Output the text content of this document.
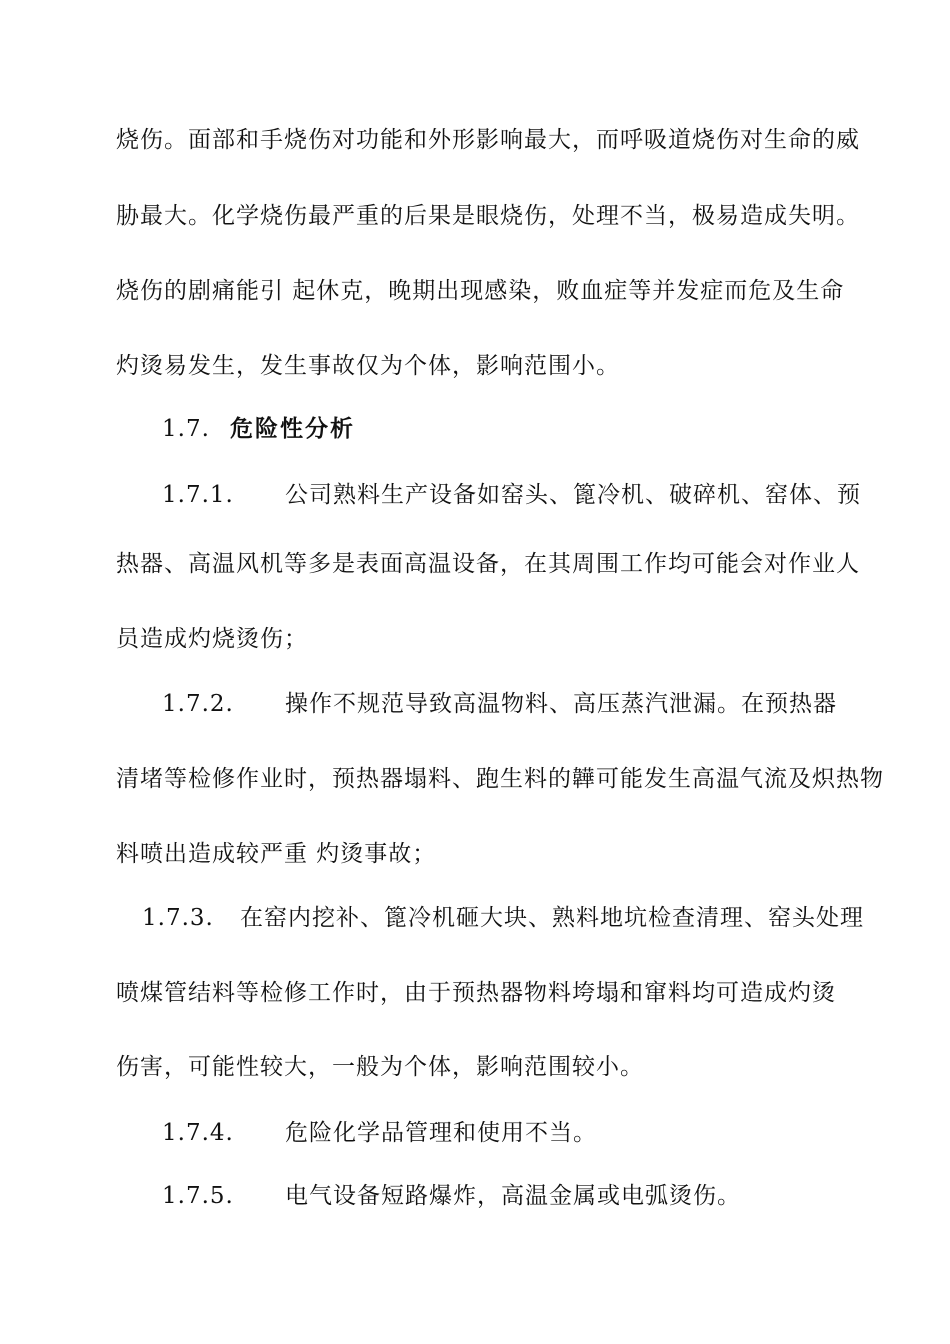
烧伤。面部和手烧伤对功能和外形影响最大，而呼吸道烧伤对生命的威
胁最大。化学烧伤最严重的后果是眼烧伤，处理不当，极易造成失明。
烧伤的剧痛能引 起休克，晚期出现感染，败血症等并发症而危及生命
灼烫易发生，发生事故仅为个体，影响范围小。
1.7. 危险性分析
1.7.1. 公司熟料生产设备如窑头、篦冷机、破碎机、窑体、预
热器、高温风机等多是表面高温设备，在其周围工作均可能会对作业人
员造成灼烧烫伤；
1.7.2. 操作不规范导致高温物料、高压蒸汽泄漏。在预热器
清堵等检修作业时，预热器塌料、跑生料的韡可能发生高温气流及炽热物
料喷出造成较严重 灼烫事故；
1.7.3. 在窑内挖补、篦冷机砸大块、熟料地坑检查清理、窑头处理
喷煤管结料等检修工作时，由于预热器物料垮塌和窜料均可造成灼烫
伤害，可能性较大，一般为个体，影响范围较小。
1.7.4. 危险化学品管理和使用不当。
1.7.5. 电气设备短路爆炸，高温金属或电弧烫伤。
